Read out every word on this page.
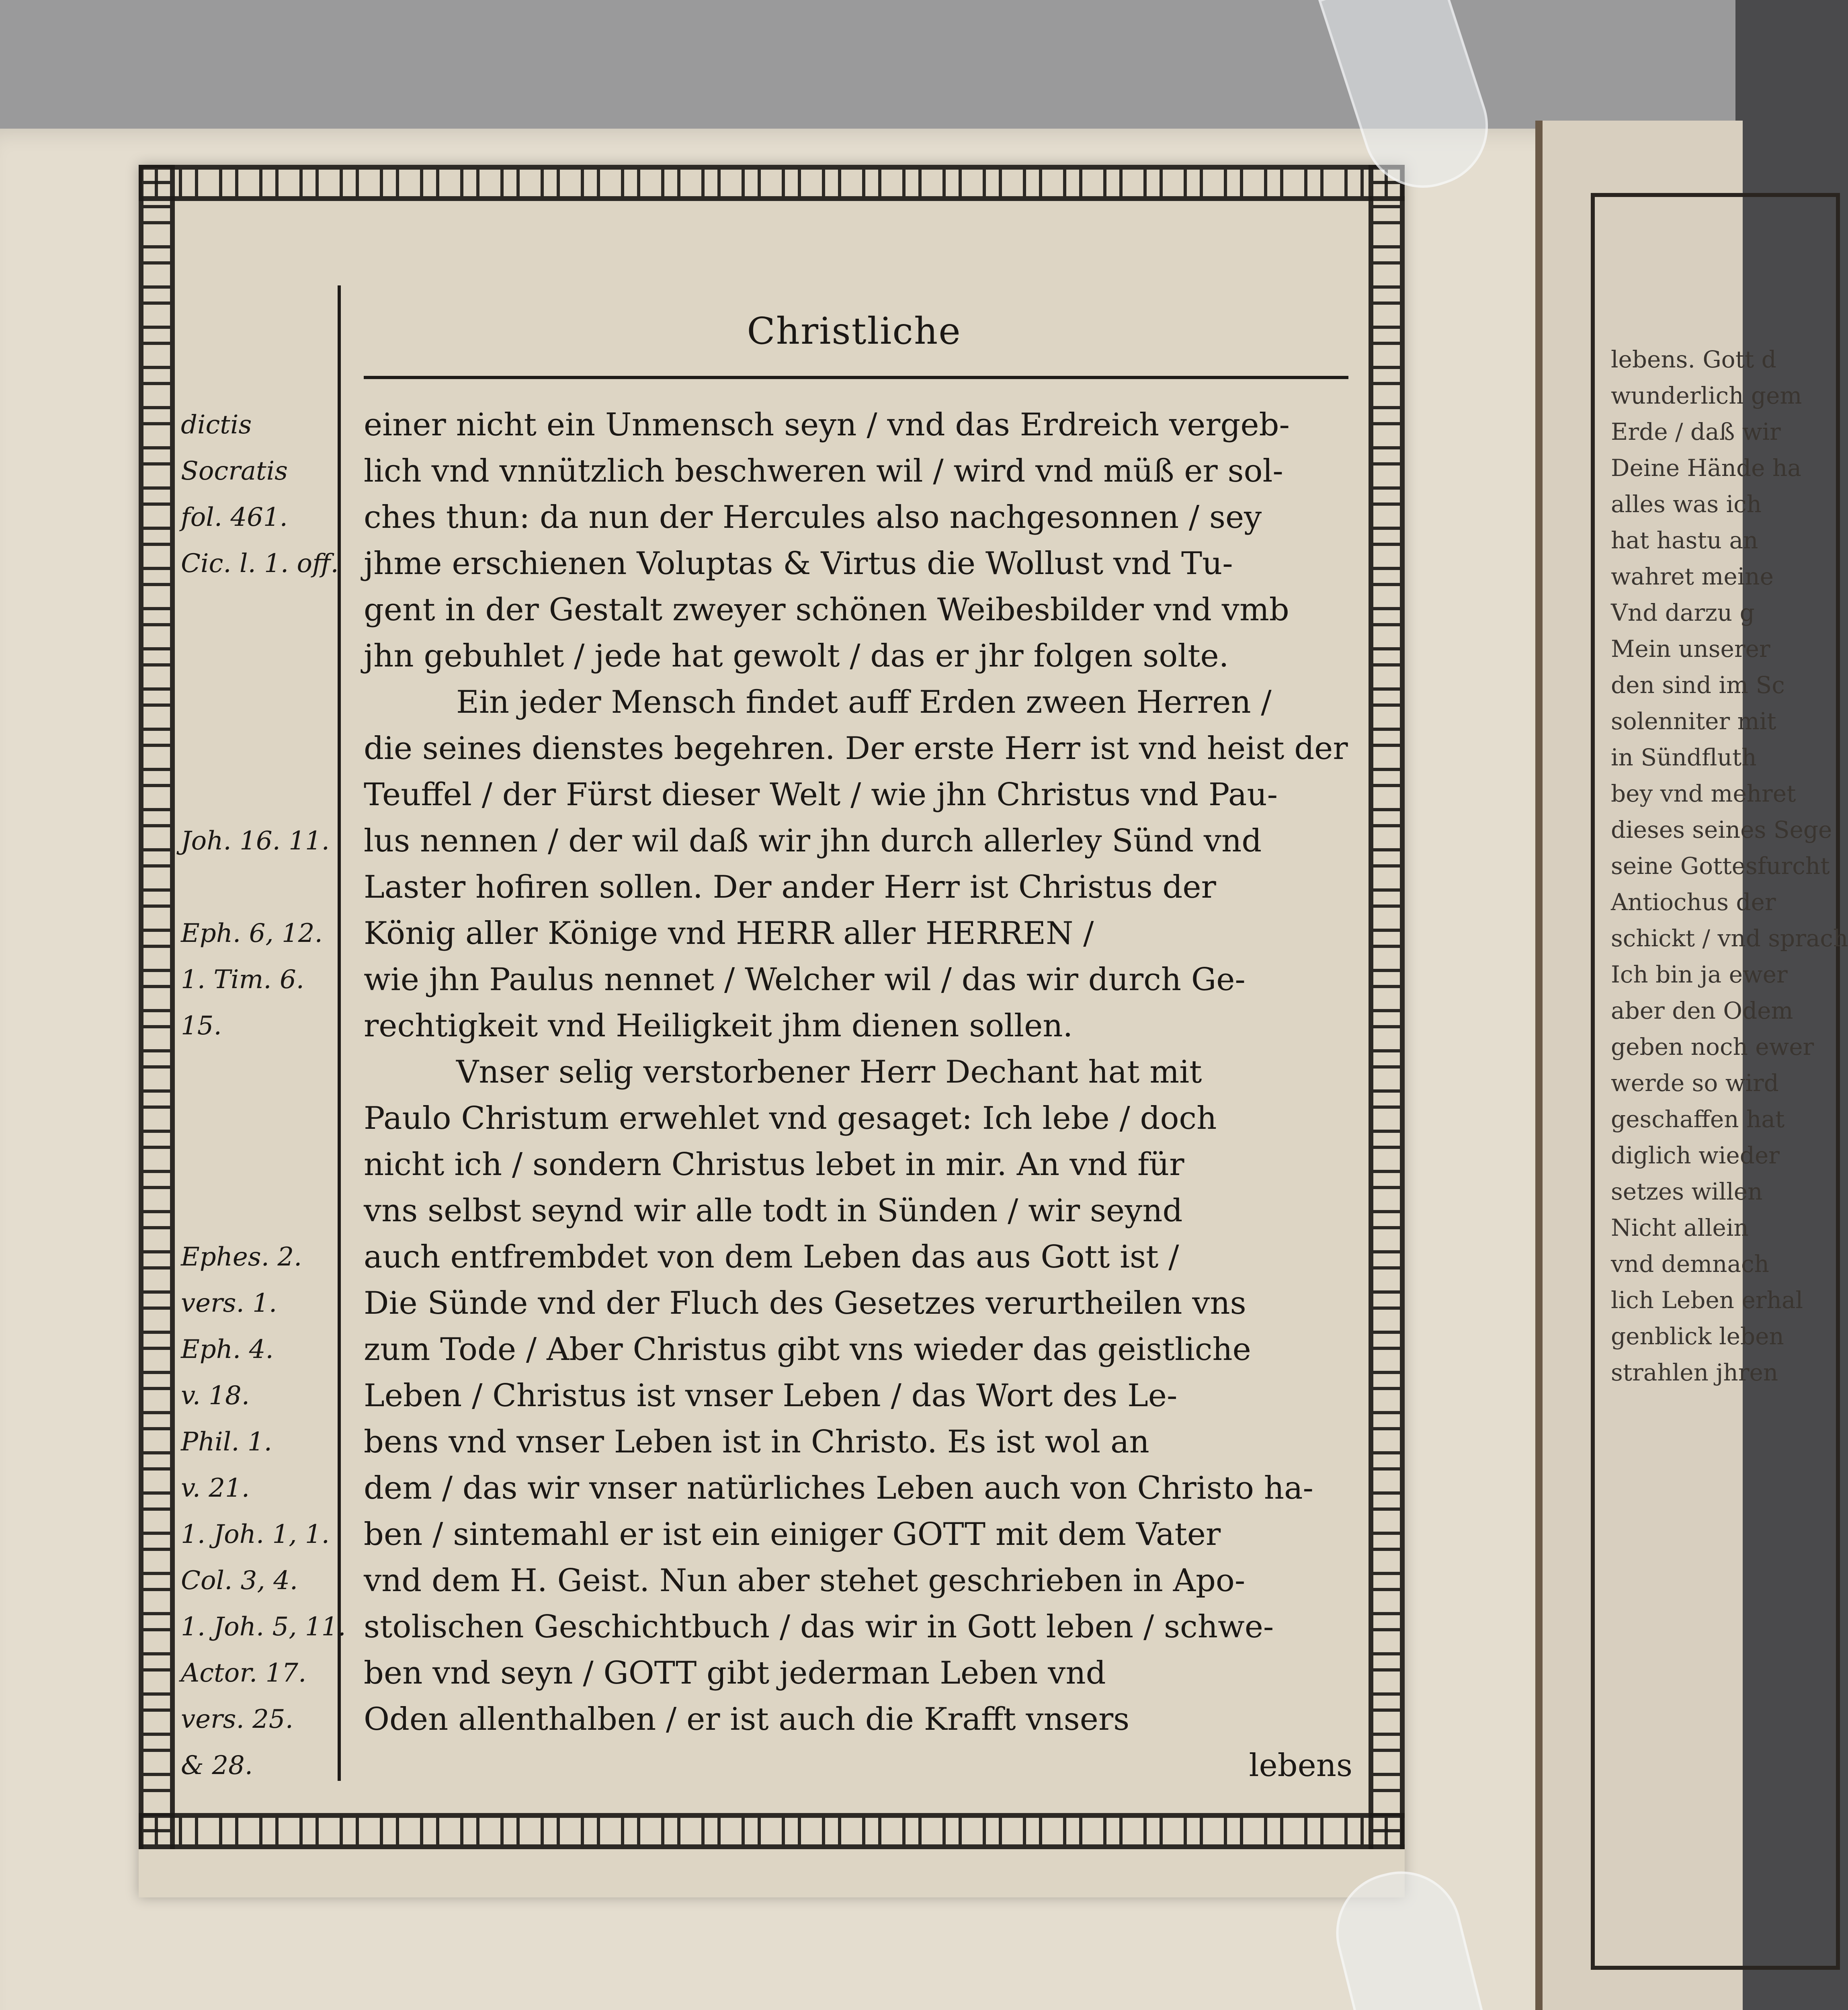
lebens. Gott d
wunderlich gem
Erde / daß wir
Deine Hände ha
alles was ich
hat hastu an
wahret meine
Vnd darzu g
Mein unserer
den sind im Sc
solenniter mit
in Sündfluth
bey vnd mehret
dieses seines Sege
seine Gottesfurcht
Antiochus der
schickt / vnd sprach
Ich bin ja ewer
aber den Odem
geben noch ewer
werde so wird
geschaffen hat
diglich wieder
setzes willen
Nicht allein
vnd demnach
lich Leben erhal
genblick leben
strahlen jhren
Christliche
dictis
Socratis
fol. 461.
Cic. l. 1. off.
Joh. 16. 11.
Eph. 6, 12.
1. Tim. 6.
15.
Ephes. 2.
vers. 1.
Eph. 4.
v. 18.
Phil. 1.
v. 21.
1. Joh. 1, 1.
Col. 3, 4.
1. Joh. 5, 11.
Actor. 17.
vers. 25.
& 28.
einer nicht ein Unmensch seyn / vnd das Erdreich vergeb-
lich vnd vnnützlich beschweren wil / wird vnd müß er sol-
ches thun: da nun der Hercules also nachgesonnen / sey
jhme erschienen Voluptas & Virtus die Wollust vnd Tu-
gent in der Gestalt zweyer schönen Weibesbilder vnd vmb
jhn gebuhlet / jede hat gewolt / das er jhr folgen solte.
Ein jeder Mensch findet auff Erden zween Herren /
die seines dienstes begehren. Der erste Herr ist vnd heist der
Teuffel / der Fürst dieser Welt / wie jhn Christus vnd Pau-
lus nennen / der wil daß wir jhn durch allerley Sünd vnd
Laster hofiren sollen. Der ander Herr ist Christus der
König aller Könige vnd HERR aller HERREN /
wie jhn Paulus nennet / Welcher wil / das wir durch Ge-
rechtigkeit vnd Heiligkeit jhm dienen sollen.
Vnser selig verstorbener Herr Dechant hat mit
Paulo Christum erwehlet vnd gesaget: Ich lebe / doch
nicht ich / sondern Christus lebet in mir. An vnd für
vns selbst seynd wir alle todt in Sünden / wir seynd
auch entfrembdet von dem Leben das aus Gott ist /
Die Sünde vnd der Fluch des Gesetzes verurtheilen vns
zum Tode / Aber Christus gibt vns wieder das geistliche
Leben / Christus ist vnser Leben / das Wort des Le-
bens vnd vnser Leben ist in Christo. Es ist wol an
dem / das wir vnser natürliches Leben auch von Christo ha-
ben / sintemahl er ist ein einiger GOTT mit dem Vater
vnd dem H. Geist. Nun aber stehet geschrieben in Apo-
stolischen Geschichtbuch / das wir in Gott leben / schwe-
ben vnd seyn / GOTT gibt jederman Leben vnd
Oden allenthalben / er ist auch die Krafft vnsers
lebens
